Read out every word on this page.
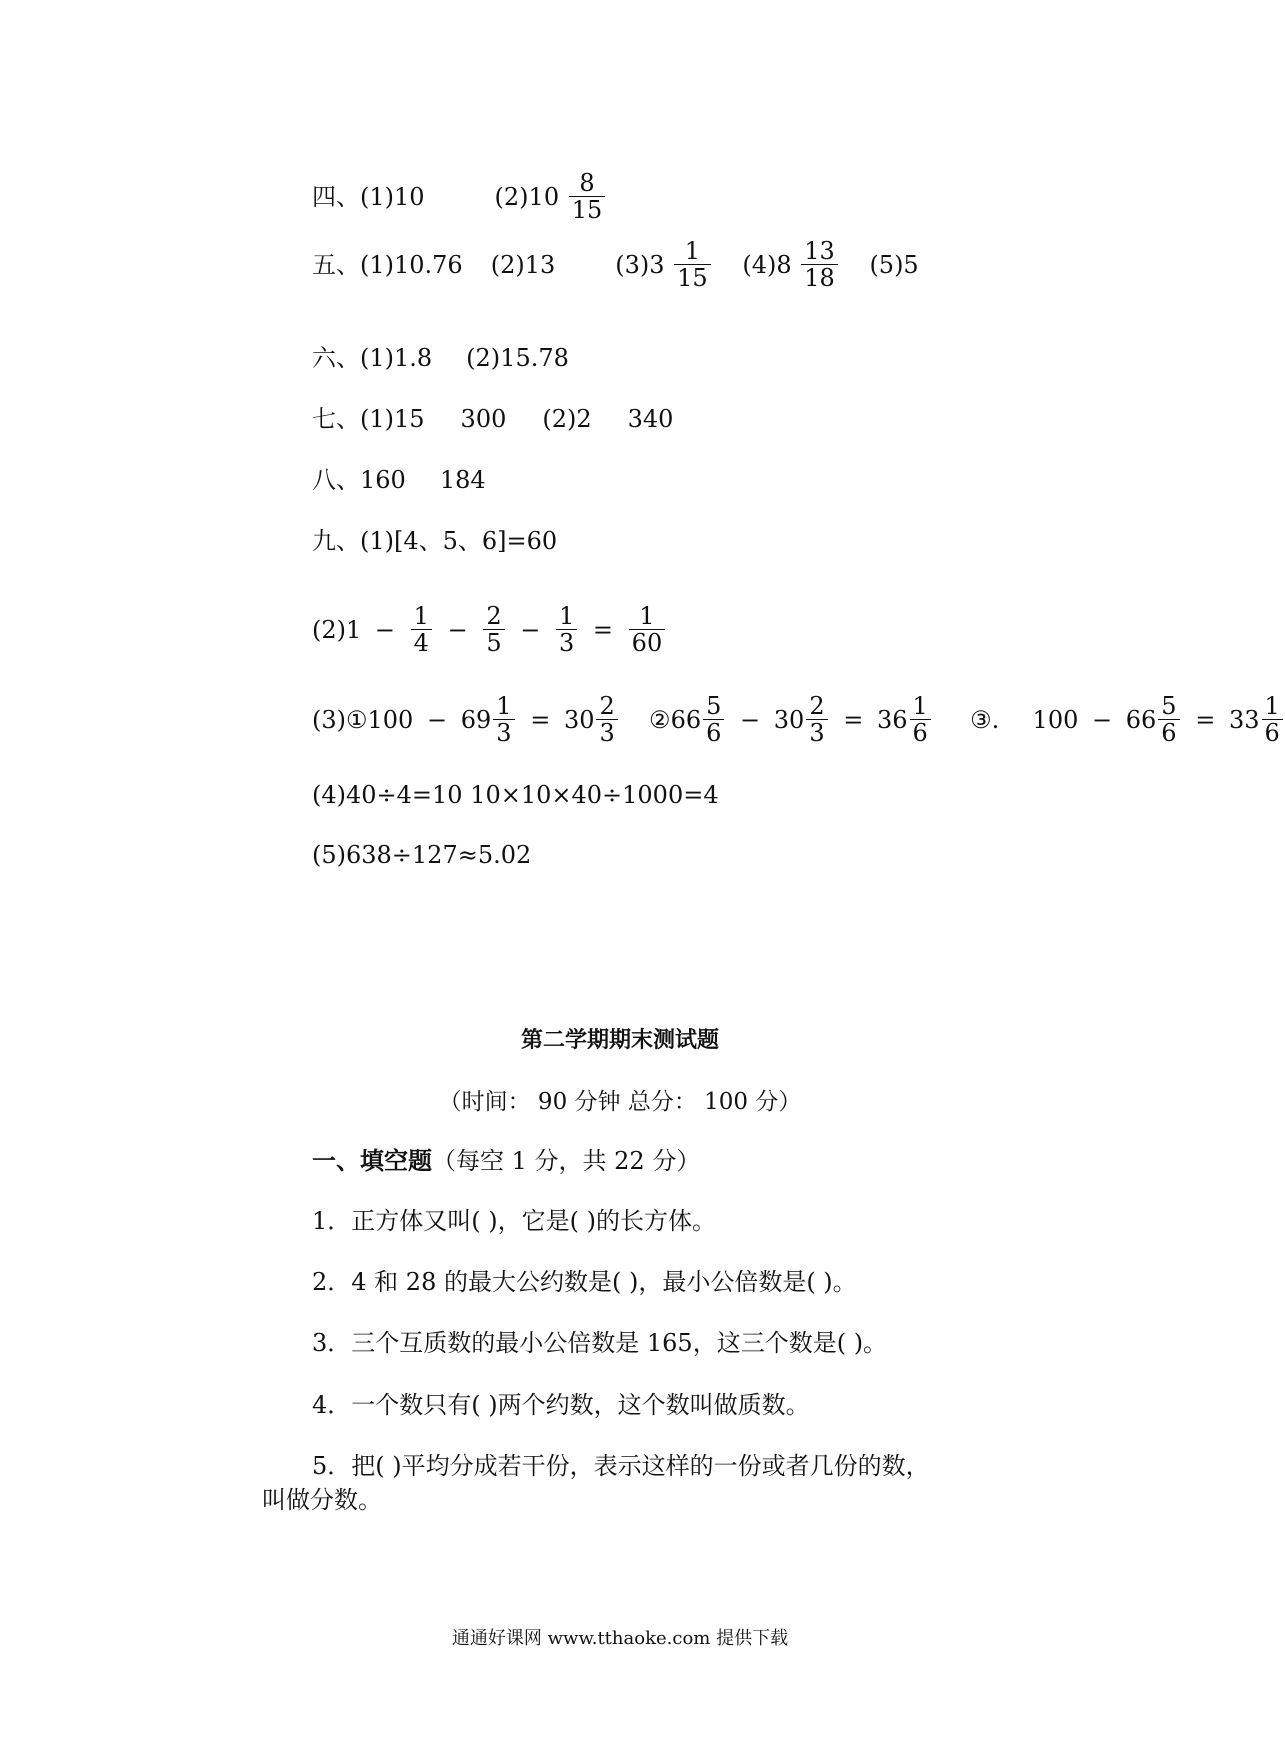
四、(1)10	$(2)10 \frac{8}{15}$
五、(1)10.76 (2)13	$(3)3 \frac{1}{15} (4)8 \frac{13}{18} (5)5$
六、(1)1.8 (2)15.78
七、(1)15 300 (2)2 340
八、160 184
九、(1)[4、5、6]=60
$(2)1 - \frac{1}{4} - \frac{2}{5} - \frac{1}{3} = \frac{1}{60}$
(3)①100 − $69 \frac{1}{3} = 30 \frac{2}{3}$ ②66 $\frac{5}{6} - 30 \frac{2}{3} = 36 \frac{1}{6}$ ③. $100 - 66 \frac{5}{6} = 33 \frac{1}{6}$
(4)40÷4=10 10×10×40÷1000=4
(5)638÷127≈5.02
第二学期期末测试题
（时间： 90 分钟 总分： 100 分）
一、填空题（每空 1 分，共 22 分）
1．正方体又叫( )，它是( )的长方体。
2．4 和 28 的最大公约数是( )，最小公倍数是( )。
3．三个互质数的最小公倍数是 165，这三个数是( )。
4．一个数只有( )两个约数，这个数叫做质数。
5．把( )平均分成若干份，表示这样的一份或者几份的数，
叫做分数。
通通好课网 www.tthaoke.com 提供下载
